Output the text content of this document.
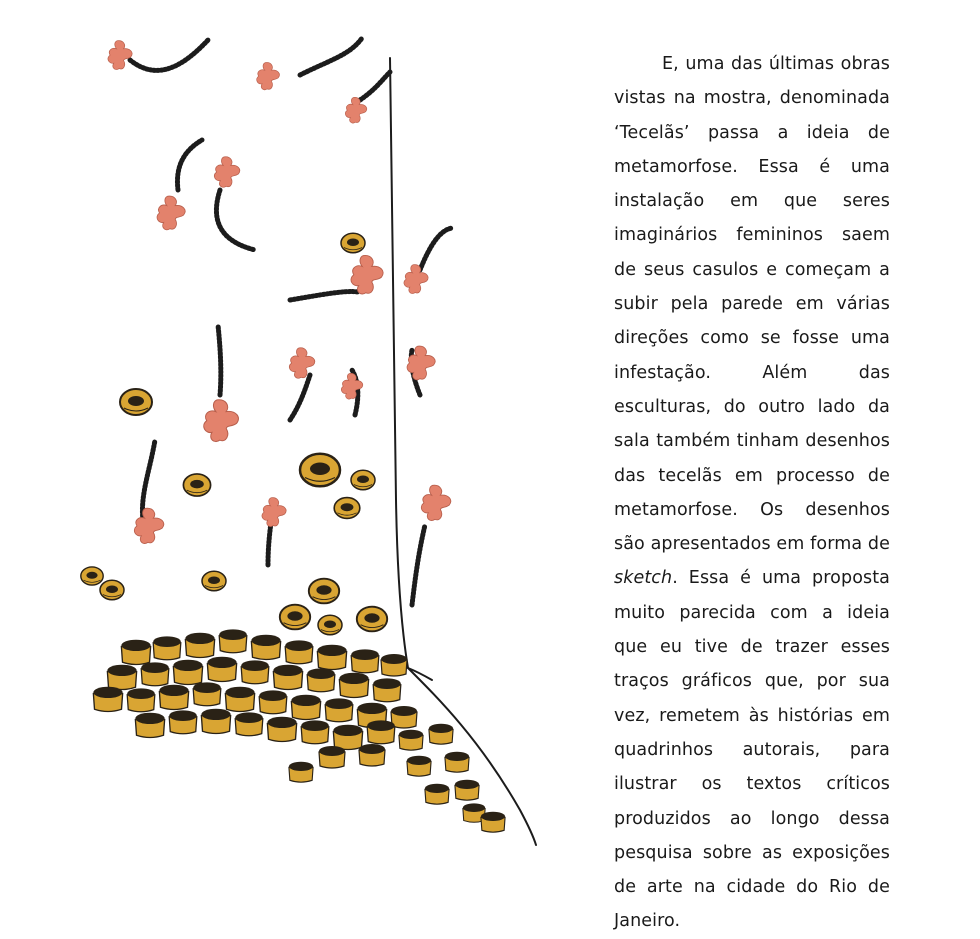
E, uma das últimas obras vistas na mostra, denominada ‘Tecelãs’ passa a ideia de metamorfose. Essa é uma instalação em que seres imaginários femininos saem de seus casulos e começam a subir pela parede em várias direções como se fosse uma infestação. Além das esculturas, do outro lado da sala também tinham desenhos das tecelãs em processo de metamorfose. Os desenhos são apresentados em forma de sketch. Essa é uma proposta muito parecida com a ideia que eu tive de trazer esses traços gráficos que, por sua vez, remetem às histórias em quadrinhos autorais, para ilustrar os textos críticos produzidos ao longo dessa pesquisa sobre as exposições de arte na cidade do Rio de Janeiro.
